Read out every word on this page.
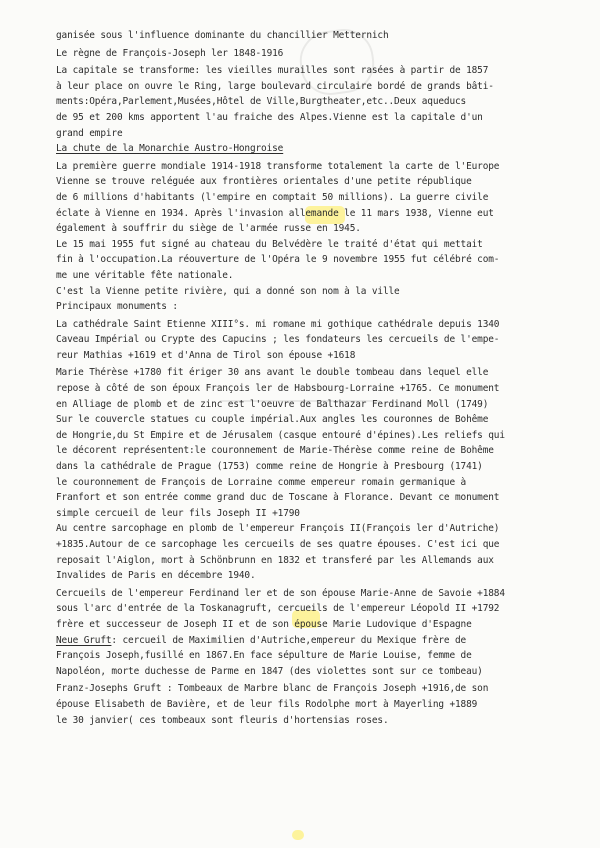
ganisée sous l'influence dominante du chancillier Metternich
Le règne de François-Joseph ler 1848-1916
La capitale se transforme: les vieilles murailles sont rasées à partir de 1857
à leur place on ouvre le Ring, large boulevard circulaire bordé de grands bâti-
ments:Opéra,Parlement,Musées,Hôtel de Ville,Burgtheater,etc..Deux aqueducs
de 95 et 200 kms apportent l'au fraiche des Alpes.Vienne est la capitale d'un
grand empire
La chute de la Monarchie Austro-Hongroise
La première guerre mondiale 1914-1918 transforme totalement la carte de l'Europe
Vienne se trouve reléguée aux frontières orientales d'une petite république
de 6 millions d'habitants (l'empire en comptait 50 millions). La guerre civile
éclate à Vienne en 1934. Après l'invasion allemande le 11 mars 1938, Vienne eut
également à souffrir du siège de l'armée russe en 1945.
Le 15 mai 1955 fut signé au chateau du Belvédère le traité d'état qui mettait
fin à l'occupation.La réouverture de l'Opéra le 9 novembre 1955 fut célébré com-
me une véritable fête nationale.
C'est la Vienne petite rivière, qui a donné son nom à la ville
Principaux monuments :
La cathédrale Saint Etienne XIII°s. mi romane mi gothique cathédrale depuis 1340
Caveau Impérial ou Crypte des Capucins ; les fondateurs les cercueils de l'empe-
reur Mathias +1619 et d'Anna de Tirol son épouse +1618
Marie Thérèse +1780 fit ériger 30 ans avant le double tombeau dans lequel elle
repose à côté de son époux François ler de Habsbourg-Lorraine +1765. Ce monument
en Alliage de plomb et de zinc est l'oeuvre de Balthazar Ferdinand Moll (1749)
Sur le couvercle statues cu couple impérial.Aux angles les couronnes de Bohême
de Hongrie,du St Empire et de Jérusalem (casque entouré d'épines).Les reliefs qui
le décorent représentent:le couronnement de Marie-Thérèse comme reine de Bohême
dans la cathédrale de Prague (1753) comme reine de Hongrie à Presbourg (1741)
le couronnement de François de Lorraine comme empereur romain germanique à
Franfort et son entrée comme grand duc de Toscane à Florance. Devant ce monument
simple cercueil de leur fils Joseph II +1790
Au centre sarcophage en plomb de l'empereur François II(François ler d'Autriche)
+1835.Autour de ce sarcophage les cercueils de ses quatre épouses. C'est ici que
reposait l'Aiglon, mort à Schönbrunn en 1832 et transferé par les Allemands aux
Invalides de Paris en décembre 1940.
Cercueils de l'empereur Ferdinand ler et de son épouse Marie-Anne de Savoie +1884
sous l'arc d'entrée de la Toskanagruft, cercueils de l'empereur Léopold II +1792
frère et successeur de Joseph II et de son épouse Marie Ludovique d'Espagne
Neue Gruft: cercueil de Maximilien d'Autriche,empereur du Mexique frère de
François Joseph,fusillé en 1867.En face sépulture de Marie Louise, femme de
Napoléon, morte duchesse de Parme en 1847 (des violettes sont sur ce tombeau)
Franz-Josephs Gruft : Tombeaux de Marbre blanc de François Joseph +1916,de son
épouse Elisabeth de Bavière, et de leur fils Rodolphe mort à Mayerling +1889
le 30 janvier( ces tombeaux sont fleuris d'hortensias roses.
